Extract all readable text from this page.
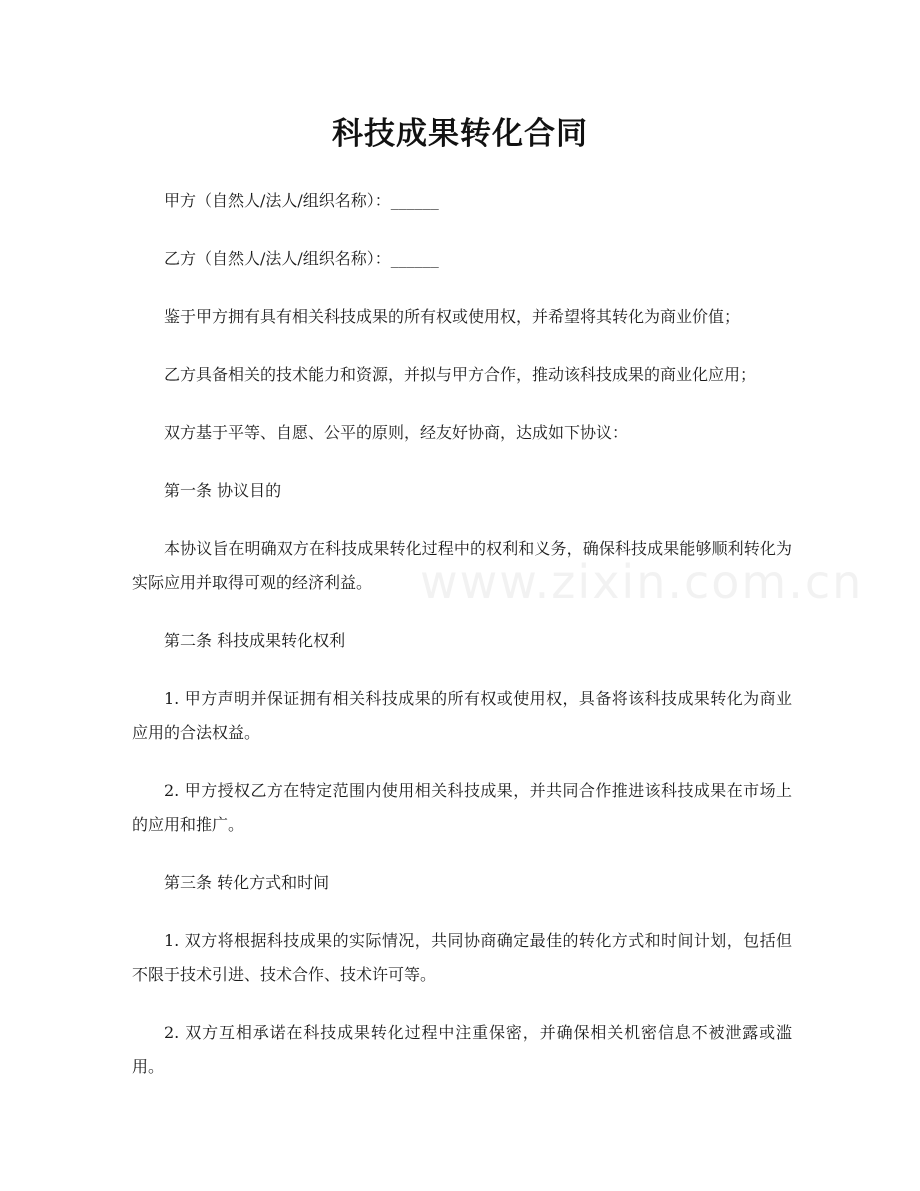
科技成果转化合同

甲方（自然人/法人/组织名称）：______

乙方（自然人/法人/组织名称）：______

鉴于甲方拥有具有相关科技成果的所有权或使用权，并希望将其转化为商业价值；

乙方具备相关的技术能力和资源，并拟与甲方合作，推动该科技成果的商业化应用；

双方基于平等、自愿、公平的原则，经友好协商，达成如下协议：

第一条 协议目的

本协议旨在明确双方在科技成果转化过程中的权利和义务，确保科技成果能够顺利转化为实际应用并取得可观的经济利益。

第二条 科技成果转化权利

1. 甲方声明并保证拥有相关科技成果的所有权或使用权，具备将该科技成果转化为商业应用的合法权益。

2. 甲方授权乙方在特定范围内使用相关科技成果，并共同合作推进该科技成果在市场上的应用和推广。

第三条 转化方式和时间

1. 双方将根据科技成果的实际情况，共同协商确定最佳的转化方式和时间计划，包括但不限于技术引进、技术合作、技术许可等。

2. 双方互相承诺在科技成果转化过程中注重保密，并确保相关机密信息不被泄露或滥用。

www.zixin.com.cn
